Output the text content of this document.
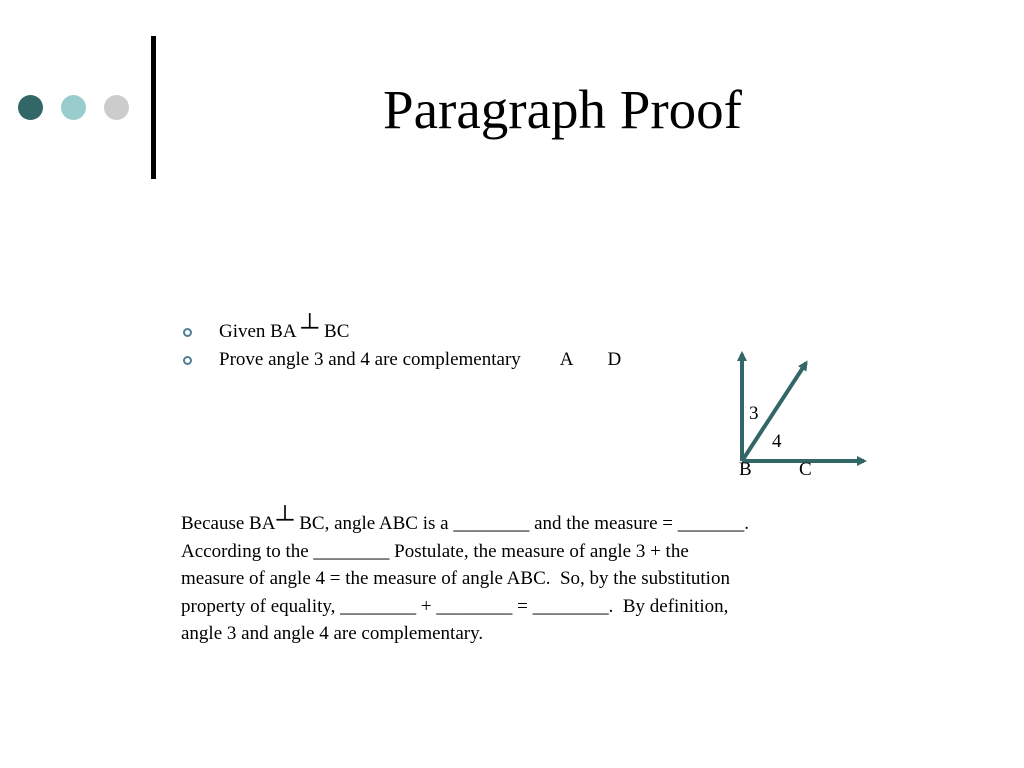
Paragraph Proof
Given BA ┴ BC
Prove angle 3 and 4 are complementary A D
3
4
B C
Because BA┴ BC, angle ABC is a ________ and the measure = _______.
According to the ________ Postulate, the measure of angle 3 + the
measure of angle 4 = the measure of angle ABC.  So, by the substitution
property of equality, ________ + ________ = ________.  By definition,
angle 3 and angle 4 are complementary.
